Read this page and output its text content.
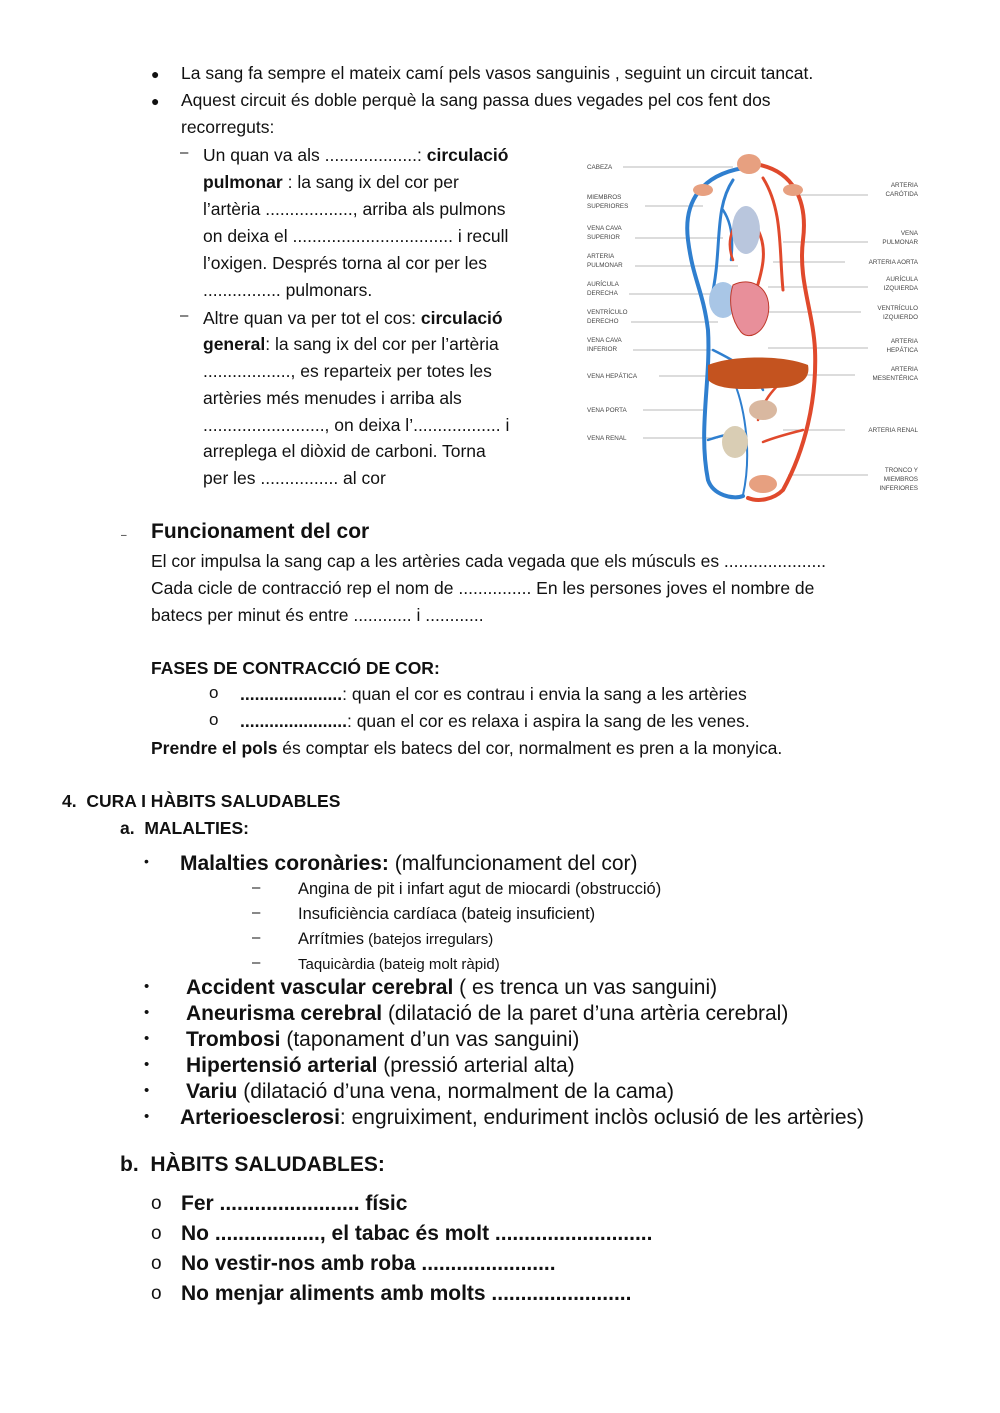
● La sang fa sempre el mateix camí pels vasos sanguinis , seguint un circuit tancat.
● Aquest circuit és doble perquè la sang passa dues vegades pel cos fent dos
recorreguts:
– Un quan va als ...................: circulació
pulmonar : la sang ix del cor per
l’artèria .................., arriba als pulmons
on deixa el ................................. i recull
l’oxigen. Després torna al cor per les
................ pulmonars.
– Altre quan va per tot el cos: circulació
general: la sang ix del cor per l’artèria
.................., es reparteix per totes les
artèries més menudes i arriba als
........................., on deixa l’.................. i
arreplega el diòxid de carboni. Torna
per les ................ al cor
CABEZA
MIEMBROS
SUPERIORES
VENA CAVA
SUPERIOR
ARTERIA
PULMONAR
AURÍCULA
DERECHA
VENTRÍCULO
DERECHO
VENA CAVA
INFERIOR
VENA HEPÁTICA
VENA PORTA
VENA RENAL
ARTERIA
CARÓTIDA
VENA
PULMONAR
ARTERIA AORTA
AURÍCULA
IZQUIERDA
VENTRÍCULO
IZQUIERDO
ARTERIA
HEPÁTICA
ARTERIA
MESENTÉRICA
ARTERIA RENAL
TRONCO Y
MIEMBROS
INFERIORES
– Funcionament del cor
El cor impulsa la sang cap a les artèries cada vegada que els músculs es .....................
Cada cicle de contracció rep el nom de ............... En les persones joves el nombre de
batecs per minut és entre ............ i ............
FASES DE CONTRACCIÓ DE COR:
o .....................: quan el cor es contrau i envia la sang a les artèries
o ......................: quan el cor es relaxa i aspira la sang de les venes.
Prendre el pols és comptar els batecs del cor, normalment es pren a la monyica.
4.  CURA I HÀBITS SALUDABLES
a.  MALALTIES:
• Malalties coronàries: (malfuncionament del cor)
– Angina de pit i infart agut de miocardi (obstrucció)
– Insuficiència cardíaca (bateig insuficient)
– Arrítmies (batejos irregulars)
–	Taquicàrdia (bateig molt ràpid)
• Accident vascular cerebral ( es trenca un vas sanguini)
• Aneurisma cerebral (dilatació de la paret d’una artèria cerebral)
• Trombosi (taponament d’un vas sanguini)
• Hipertensió arterial (pressió arterial alta)
• Variu (dilatació d’una vena, normalment de la cama)
• Arterioesclerosi: engruiximent, enduriment inclòs oclusió de les artèries)
b.  HÀBITS SALUDABLES:
o Fer ........................ físic
o No .................., el tabac és molt ...........................
o No vestir-nos amb roba .......................
o No menjar aliments amb molts ........................
